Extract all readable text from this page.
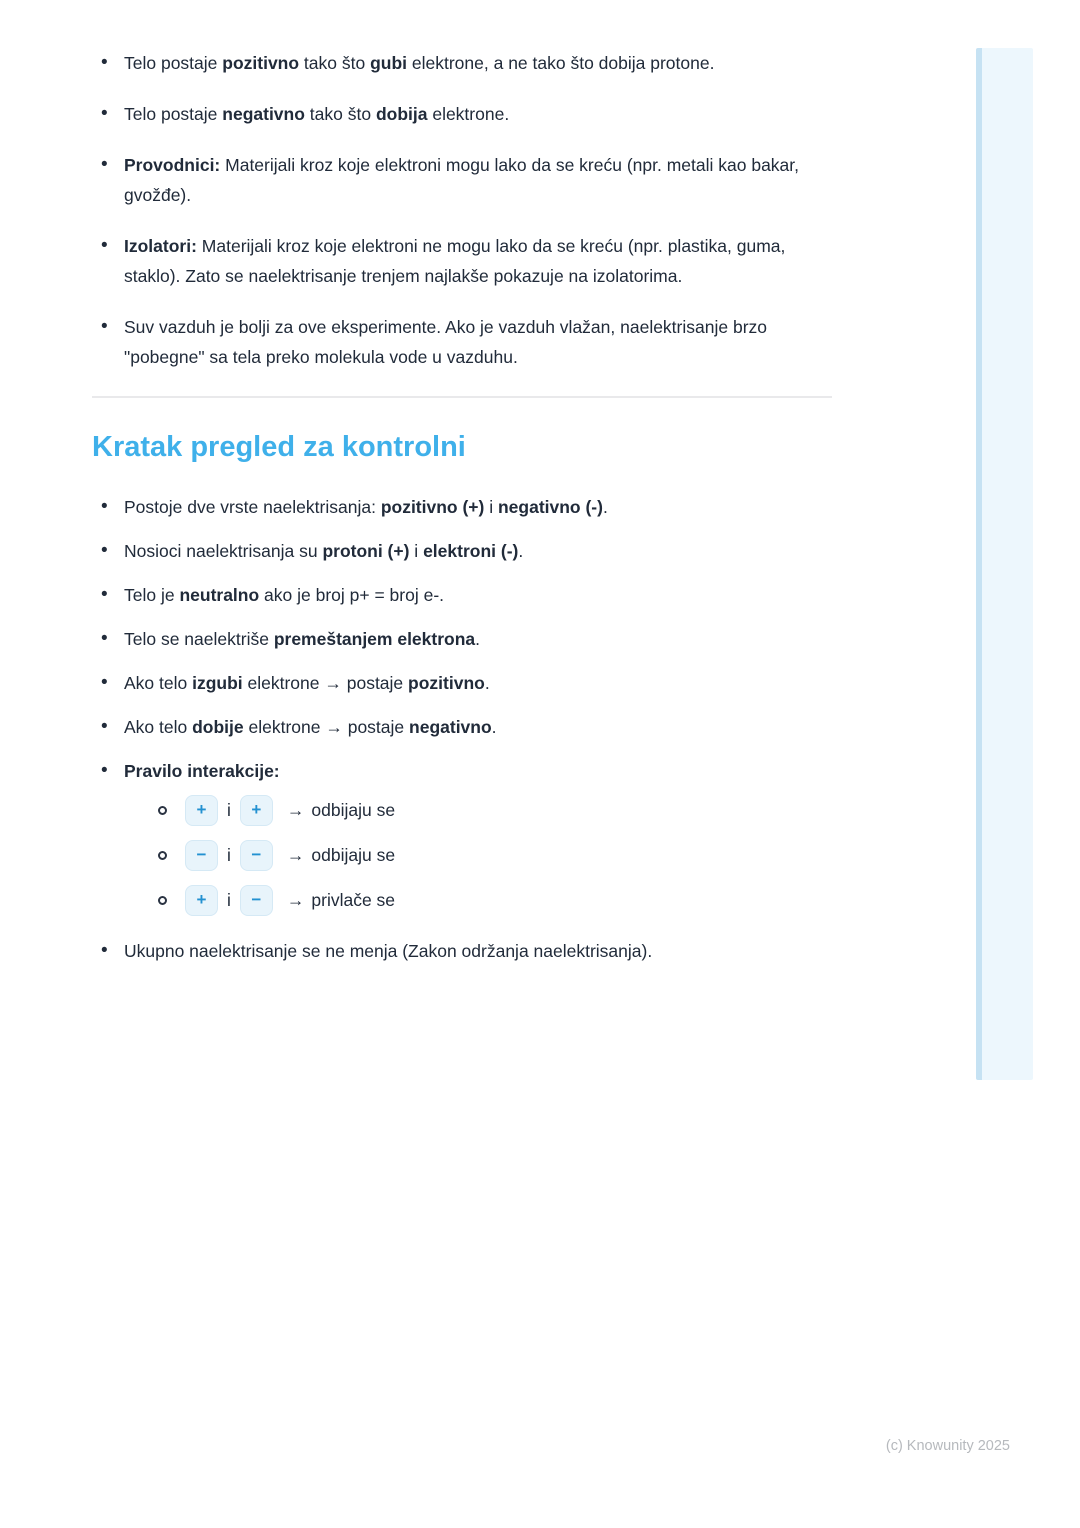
• Telo postaje pozitivno tako što gubi elektrone, a ne tako što dobija protone.
• Telo postaje negativno tako što dobija elektrone.
• Provodnici: Materijali kroz koje elektroni mogu lako da se kreću (npr. metali kao bakar, gvožđe).
• Izolatori: Materijali kroz koje elektroni ne mogu lako da se kreću (npr. plastika, guma, staklo). Zato se naelektrisanje trenjem najlakše pokazuje na izolatorima.
• Suv vazduh je bolji za ove eksperimente. Ako je vazduh vlažan, naelektrisanje brzo "pobegne" sa tela preko molekula vode u vazduhu.
Kratak pregled za kontrolni
• Postoje dve vrste naelektrisanja: pozitivno (+) i negativno (-).
• Nosioci naelektrisanja su protoni (+) i elektroni (-).
• Telo je neutralno ako je broj p+ = broj e-.
• Telo se naelektriše premeštanjem elektrona.
• Ako telo izgubi elektrone → postaje pozitivno.
• Ako telo dobije elektrone → postaje negativno.
• Pravilo interakcije:
+	i	+	→ odbijaju se
−	i	−	→ odbijaju se
+	i	−	→ privlače se
• Ukupno naelektrisanje se ne menja (Zakon održanja naelektrisanja).
(c) Knowunity 2025
